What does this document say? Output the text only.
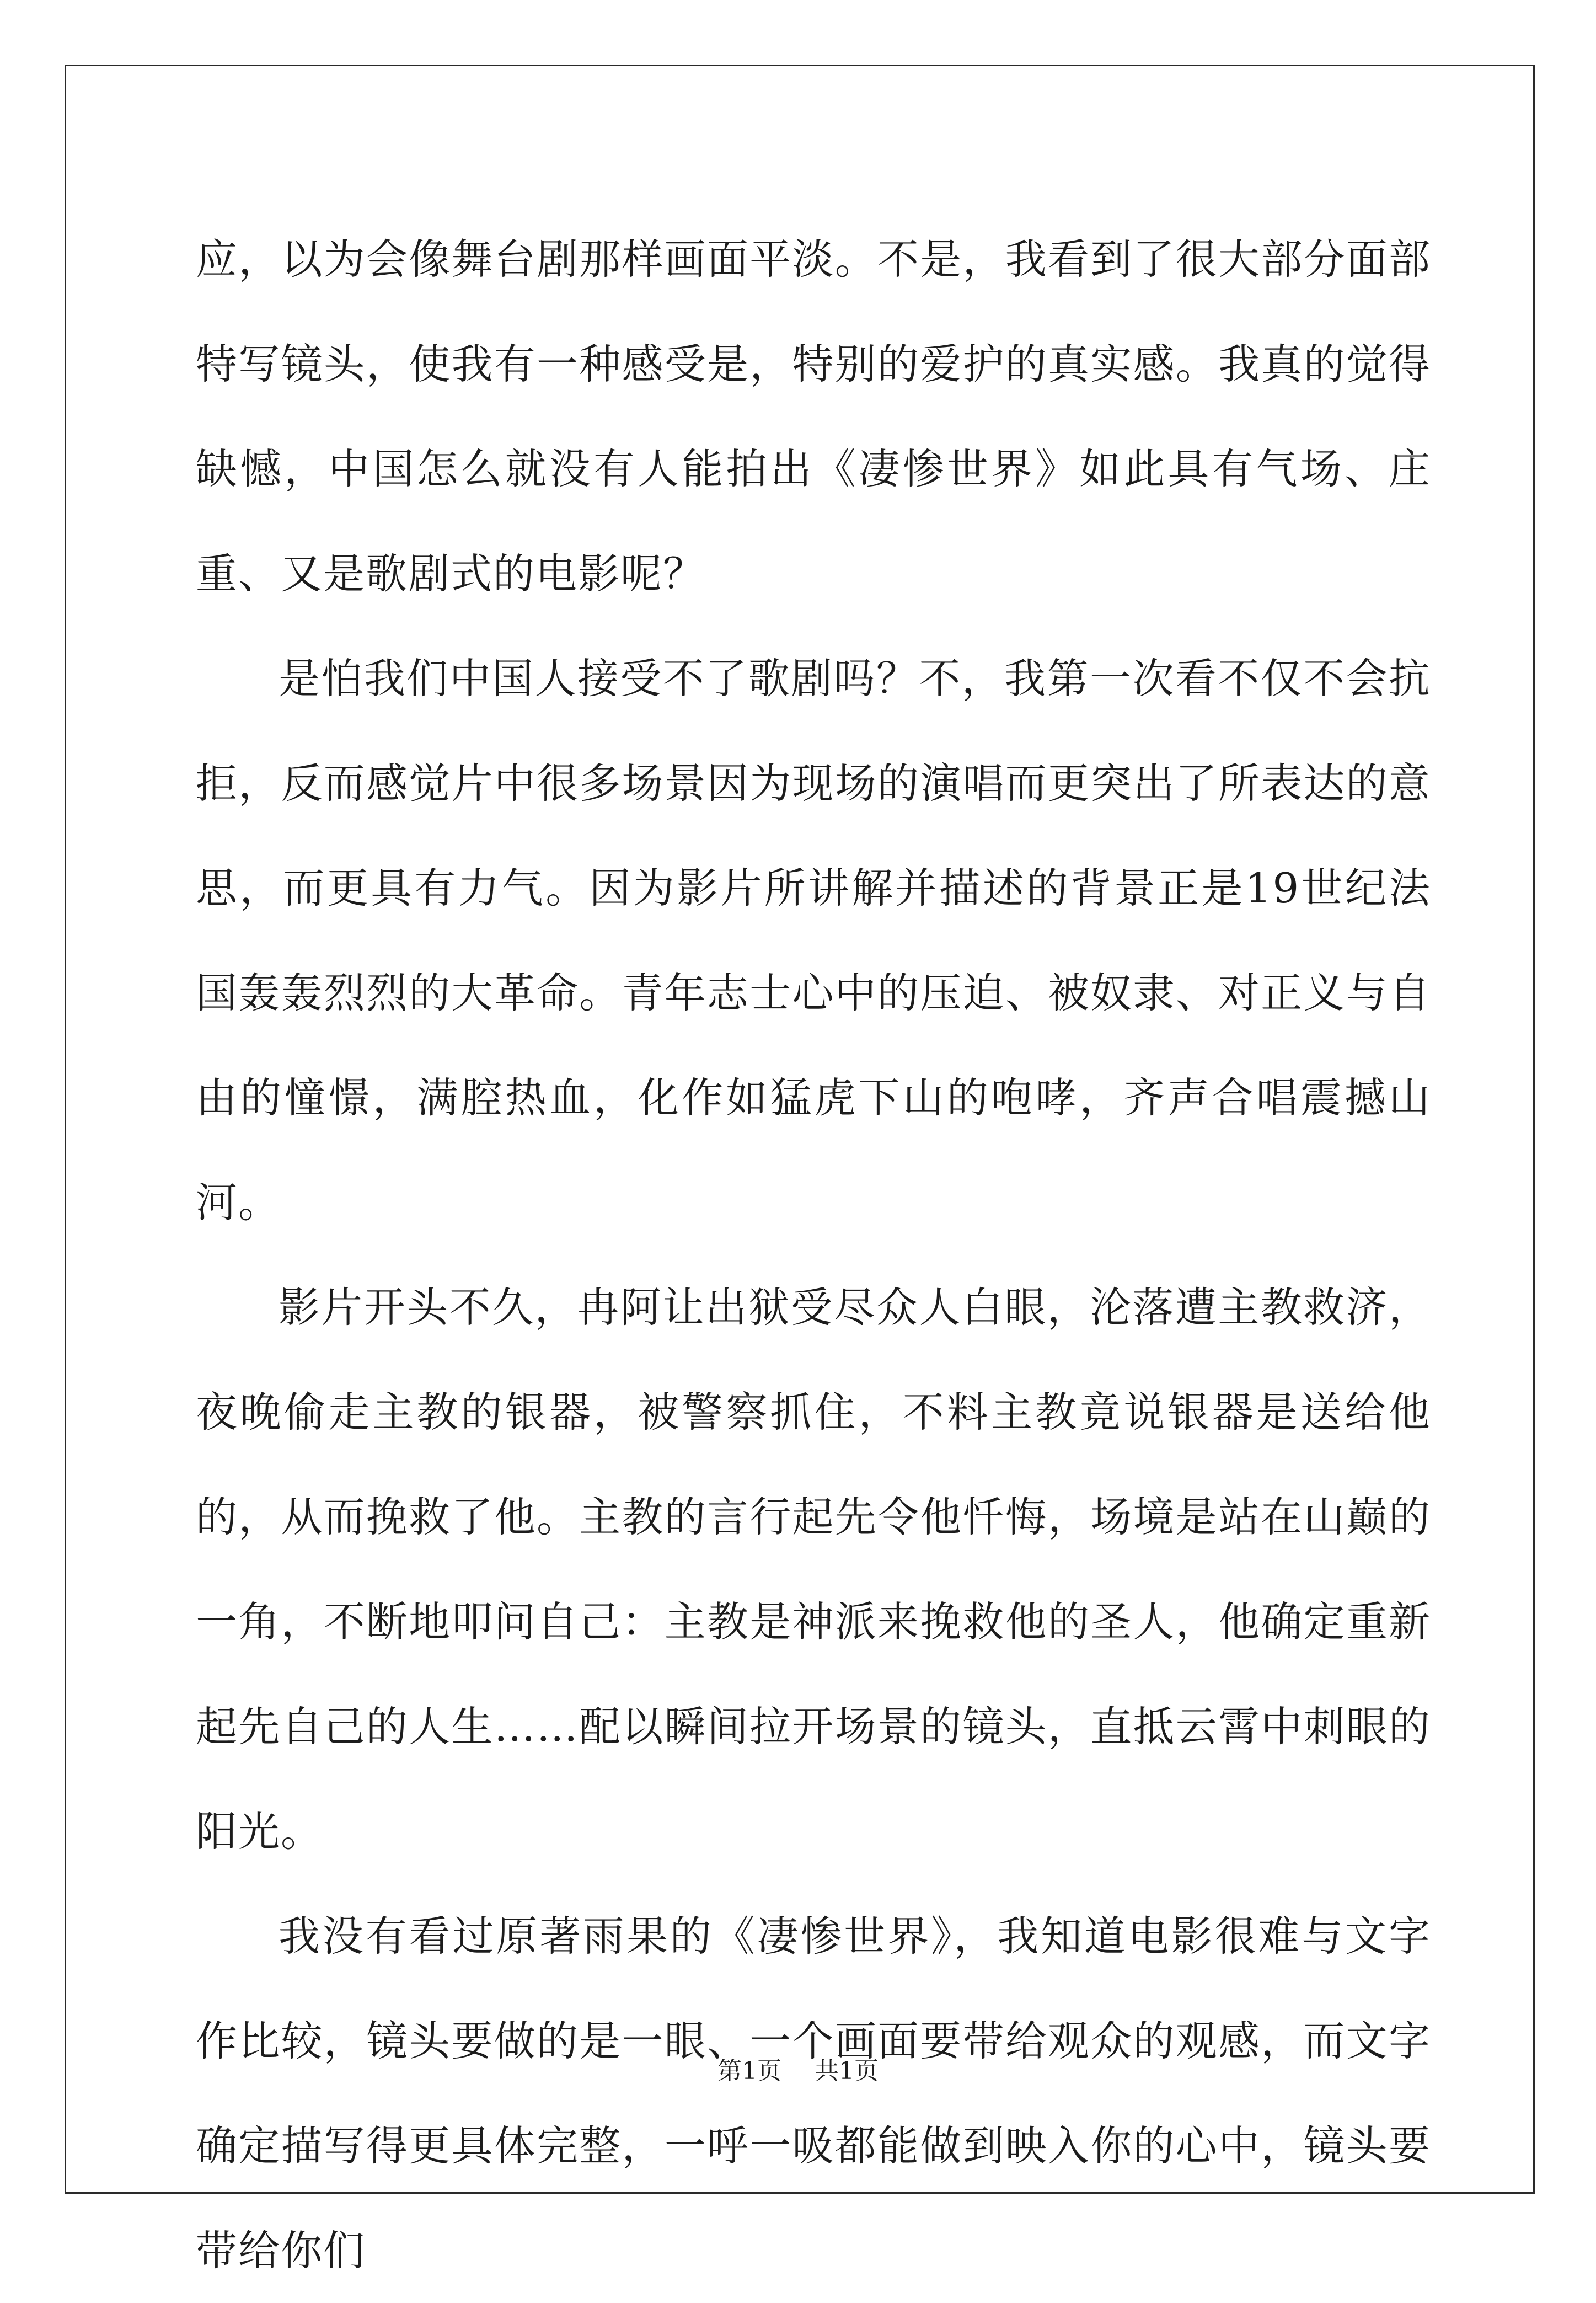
应，以为会像舞台剧那样画面平淡。不是，我看到了很大部分面部特写镜头，使我有一种感受是，特别的爱护的真实感。我真的觉得缺憾，中国怎么就没有人能拍出《凄惨世界》如此具有气场、庄重、又是歌剧式的电影呢？

是怕我们中国人接受不了歌剧吗？不，我第一次看不仅不会抗拒，反而感觉片中很多场景因为现场的演唱而更突出了所表达的意思，而更具有力气。因为影片所讲解并描述的背景正是19世纪法国轰轰烈烈的大革命。青年志士心中的压迫、被奴隶、对正义与自由的憧憬，满腔热血，化作如猛虎下山的咆哮，齐声合唱震撼山河。

影片开头不久，冉阿让出狱受尽众人白眼，沦落遭主教救济，夜晚偷走主教的银器，被警察抓住，不料主教竟说银器是送给他的，从而挽救了他。主教的言行起先令他忏悔，场境是站在山巅的一角，不断地叩问自己：主教是神派来挽救他的圣人，他确定重新起先自己的人生……配以瞬间拉开场景的镜头，直抵云霄中刺眼的阳光。

我没有看过原著雨果的《凄惨世界》，我知道电影很难与文字作比较，镜头要做的是一眼、一个画面要带给观众的观感，而文字确定描写得更具体完整，一呼一吸都能做到映入你的心中，镜头要带给你们

第1页 共1页
